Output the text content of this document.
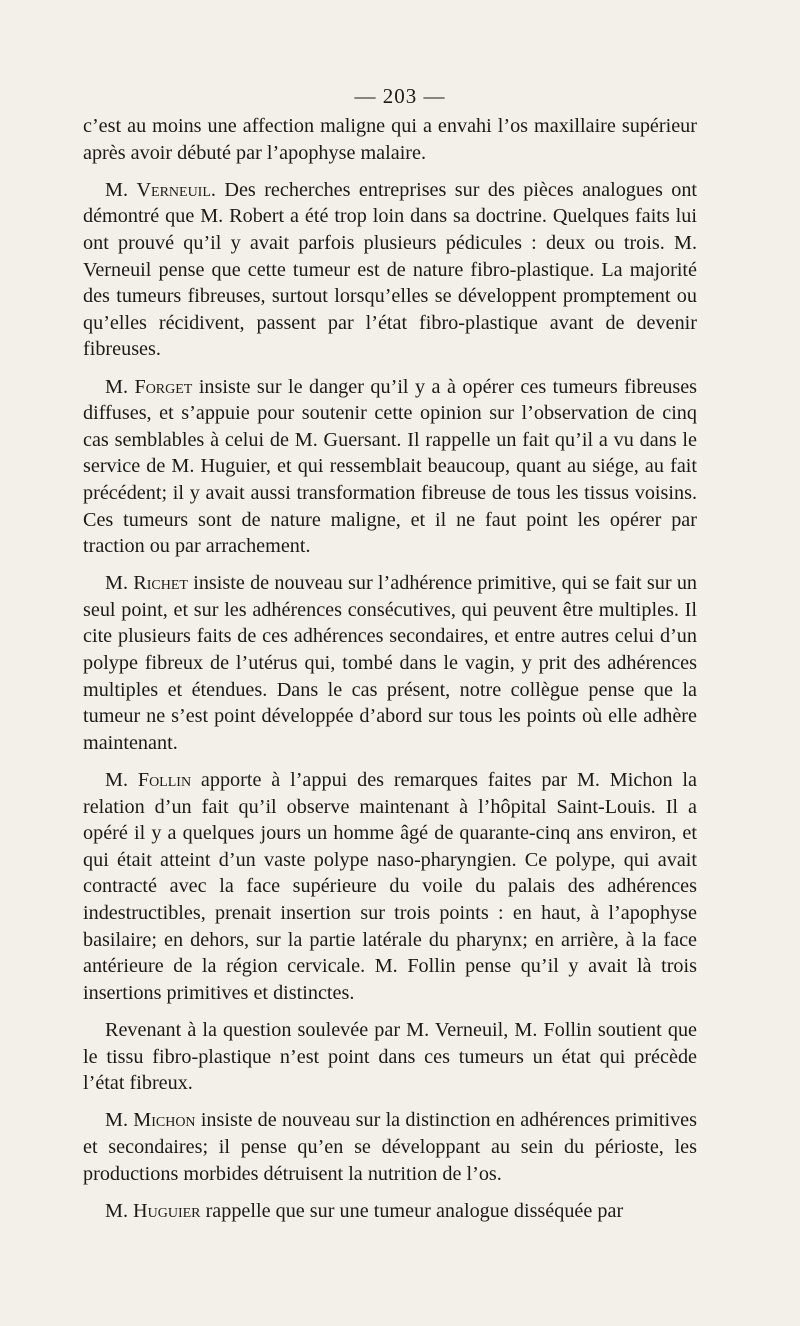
— 203 —

c’est au moins une affection maligne qui a envahi l’os maxillaire supérieur après avoir débuté par l’apophyse malaire.

M. Verneuil. Des recherches entreprises sur des pièces analogues ont démontré que M. Robert a été trop loin dans sa doctrine. Quelques faits lui ont prouvé qu’il y avait parfois plusieurs pédicules : deux ou trois. M. Verneuil pense que cette tumeur est de nature fibro-plastique. La majorité des tumeurs fibreuses, surtout lorsqu’elles se développent promptement ou qu’elles récidivent, passent par l’état fibro-plastique avant de devenir fibreuses.

M. Forget insiste sur le danger qu’il y a à opérer ces tumeurs fibreuses diffuses, et s’appuie pour soutenir cette opinion sur l’observation de cinq cas semblables à celui de M. Guersant. Il rappelle un fait qu’il a vu dans le service de M. Huguier, et qui ressemblait beaucoup, quant au siége, au fait précédent; il y avait aussi transformation fibreuse de tous les tissus voisins. Ces tumeurs sont de nature maligne, et il ne faut point les opérer par traction ou par arrachement.

M. Richet insiste de nouveau sur l’adhérence primitive, qui se fait sur un seul point, et sur les adhérences consécutives, qui peuvent être multiples. Il cite plusieurs faits de ces adhérences secondaires, et entre autres celui d’un polype fibreux de l’utérus qui, tombé dans le vagin, y prit des adhérences multiples et étendues. Dans le cas présent, notre collègue pense que la tumeur ne s’est point développée d’abord sur tous les points où elle adhère maintenant.

M. Follin apporte à l’appui des remarques faites par M. Michon la relation d’un fait qu’il observe maintenant à l’hôpital Saint-Louis. Il a opéré il y a quelques jours un homme âgé de quarante-cinq ans environ, et qui était atteint d’un vaste polype naso-pharyngien. Ce polype, qui avait contracté avec la face supérieure du voile du palais des adhérences indestructibles, prenait insertion sur trois points : en haut, à l’apophyse basilaire; en dehors, sur la partie latérale du pharynx; en arrière, à la face antérieure de la région cervicale. M. Follin pense qu’il y avait là trois insertions primitives et distinctes.

Revenant à la question soulevée par M. Verneuil, M. Follin soutient que le tissu fibro-plastique n’est point dans ces tumeurs un état qui précède l’état fibreux.

M. Michon insiste de nouveau sur la distinction en adhérences primitives et secondaires; il pense qu’en se développant au sein du périoste, les productions morbides détruisent la nutrition de l’os.

M. Huguier rappelle que sur une tumeur analogue disséquée par
